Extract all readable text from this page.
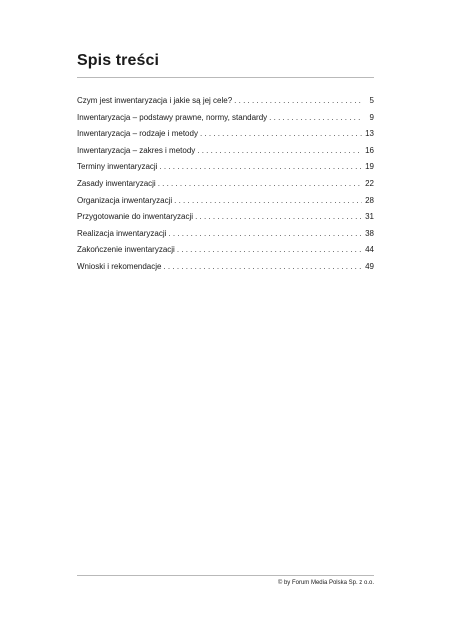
Spis treści
Czym jest inwentaryzacja i jakie są jej cele? . . .	5
Inwentaryzacja – podstawy prawne, normy, standardy . . .	9
Inwentaryzacja – rodzaje i metody . . .	13
Inwentaryzacja – zakres i metody . . .	16
Terminy inwentaryzacji . . .	19
Zasady inwentaryzacji . . .	22
Organizacja inwentaryzacji . . .	28
Przygotowanie do inwentaryzacji . . .	31
Realizacja inwentaryzacji . . .	38
Zakończenie inwentaryzacji . . .	44
Wnioski i rekomendacje . . .	49
© by Forum Media Polska Sp. z o.o.
